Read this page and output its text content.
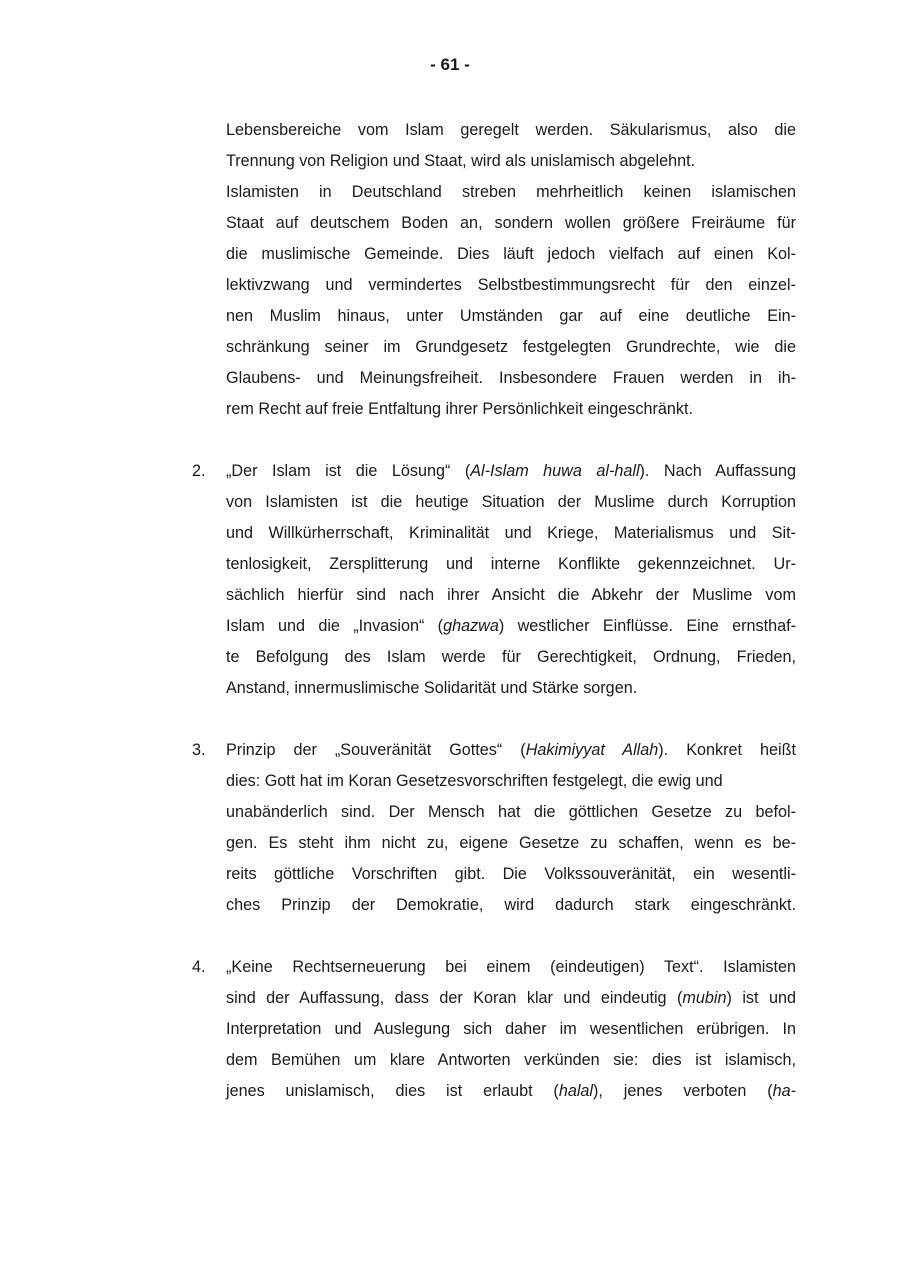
- 61 -
Lebensbereiche vom Islam geregelt werden. Säkularismus, also die
Trennung von Religion und Staat, wird als unislamisch abgelehnt.
Islamisten in Deutschland streben mehrheitlich keinen islamischen
Staat auf deutschem Boden an, sondern wollen größere Freiräume für
die muslimische Gemeinde. Dies läuft jedoch vielfach auf einen Kol-
lektivzwang und vermindertes Selbstbestimmungsrecht für den einzel-
nen Muslim hinaus, unter Umständen gar auf eine deutliche Ein-
schränkung seiner im Grundgesetz festgelegten Grundrechte, wie die
Glaubens- und Meinungsfreiheit. Insbesondere Frauen werden in ih-
rem Recht auf freie Entfaltung ihrer Persönlichkeit eingeschränkt.
2. „Der Islam ist die Lösung“ (Al-Islam huwa al-hall). Nach Auffassung
von Islamisten ist die heutige Situation der Muslime durch Korruption
und Willkürherrschaft, Kriminalität und Kriege, Materialismus und Sit-
tenlosigkeit, Zersplitterung und interne Konflikte gekennzeichnet. Ur-
sächlich hierfür sind nach ihrer Ansicht die Abkehr der Muslime vom
Islam und die „Invasion“ (ghazwa) westlicher Einflüsse. Eine ernsthaf-
te Befolgung des Islam werde für Gerechtigkeit, Ordnung, Frieden,
Anstand, innermuslimische Solidarität und Stärke sorgen.
3. Prinzip der „Souveränität Gottes“ (Hakimiyyat Allah). Konkret heißt
dies: Gott hat im Koran Gesetzesvorschriften festgelegt, die ewig und
unabänderlich sind. Der Mensch hat die göttlichen Gesetze zu befol-
gen. Es steht ihm nicht zu, eigene Gesetze zu schaffen, wenn es be-
reits göttliche Vorschriften gibt. Die Volkssouveränität, ein wesentli-
ches Prinzip der Demokratie, wird dadurch stark eingeschränkt.
4. „Keine Rechtserneuerung bei einem (eindeutigen) Text“. Islamisten
sind der Auffassung, dass der Koran klar und eindeutig (mubin) ist und
Interpretation und Auslegung sich daher im wesentlichen erübrigen. In
dem Bemühen um klare Antworten verkünden sie: dies ist islamisch,
jenes unislamisch, dies ist erlaubt (halal), jenes verboten (ha-
